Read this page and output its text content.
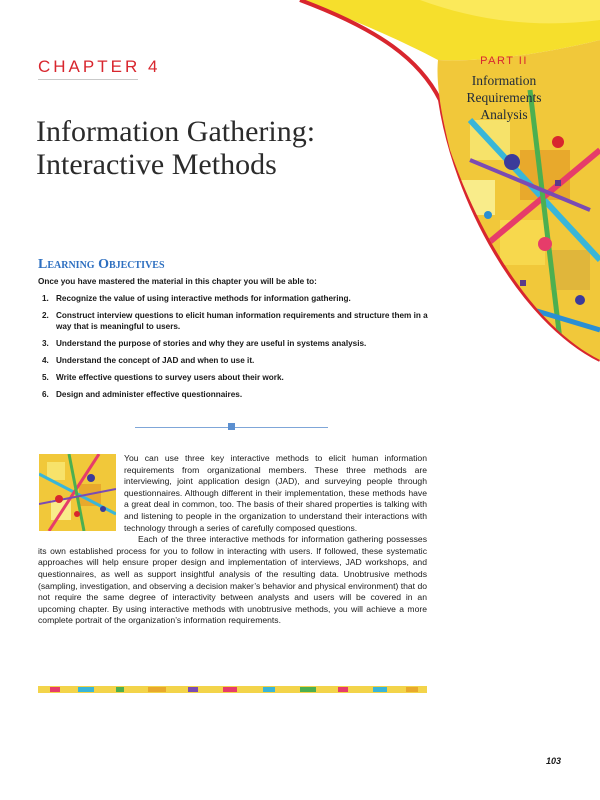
CHAPTER 4
Information Gathering:
Interactive Methods
PART II
Information
Requirements
Analysis
Learning Objectives
Once you have mastered the material in this chapter you will be able to:
1. Recognize the value of using interactive methods for information gathering.
2. Construct interview questions to elicit human information requirements and structure them in a way that is meaningful to users.
3. Understand the purpose of stories and why they are useful in systems analysis.
4. Understand the concept of JAD and when to use it.
5. Write effective questions to survey users about their work.
6. Design and administer effective questionnaires.

You can use three key interactive methods to elicit human information requirements from organizational members. These three methods are interviewing, joint application design (JAD), and surveying people through questionnaires. Although different in their implementation, these methods have a great deal in common, too. The basis of their shared properties is talking with and listening to people in the organization to understand their interactions with technology through a series of carefully composed questions.

Each of the three interactive methods for information gathering possesses its own established process for you to follow in interacting with users. If followed, these systematic approaches will help ensure proper design and implementation of interviews, JAD workshops, and questionnaires, as well as support insightful analysis of the resulting data. Unobtrusive methods (sampling, investigation, and observing a decision maker’s behavior and physical environment) that do not require the same degree of interactivity between analysts and users will be covered in an upcoming chapter. By using interactive methods with unobtrusive methods, you will achieve a more complete portrait of the organization’s information requirements.

103
